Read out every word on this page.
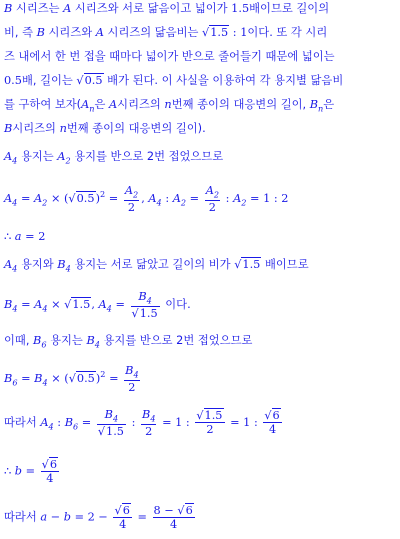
B 시리즈는 A 시리즈와 서로 닮음이고 넓이가 1.5배이므로 길이의
비, 즉 B 시리즈와 A 시리즈의 닮음비는 √1.5 : 1이다. 또 각 시리
즈 내에서 한 번 접을 때마다 넓이가 반으로 줄어들기 때문에 넓이는
0.5배, 길이는 √0.5 배가 된다. 이 사실을 이용하여 각 용지별 닮음비
를 구하여 보자($A_n$은 A시리즈의 n번째 종이의 대응변의 길이, $B_n$은
B시리즈의 n번째 종이의 대응변의 길이).
$A_4$ 용지는 $A_2$ 용지를 반으로 2번 접었으므로
$A_4 = A_2 \times (√0.5)^2 = \frac{A_2}{2}$ , $A_4$ : $A_2 = \frac{A_2}{2}$ : $A_2 = 1$ : 2
∴ a = 2
$A_4$ 용지와 $B_4$ 용지는 서로 닮았고 길이의 비가 √1.5 배이므로
$B_4 = A_4 \times √1.5$, $A_4 = \frac{B_4}{√1.5}$ 이다.
이때, $B_6$ 용지는 $B_4$ 용지를 반으로 2번 접었으므로
$B_6 = B_4 \times (√0.5)^2 = \frac{B_4}{2}$
따라서 $A_4$ : $B_6 = \frac{B_4}{√1.5}$ : $\frac{B_4}{2} = 1$ : $\frac{√1.5}{2} = 1$ : $\frac{√6}{4}$
∴ $b = \frac{√6}{4}$
따라서 $a - b = 2 - \frac{√6}{4} = \frac{8 - √6}{4}$
